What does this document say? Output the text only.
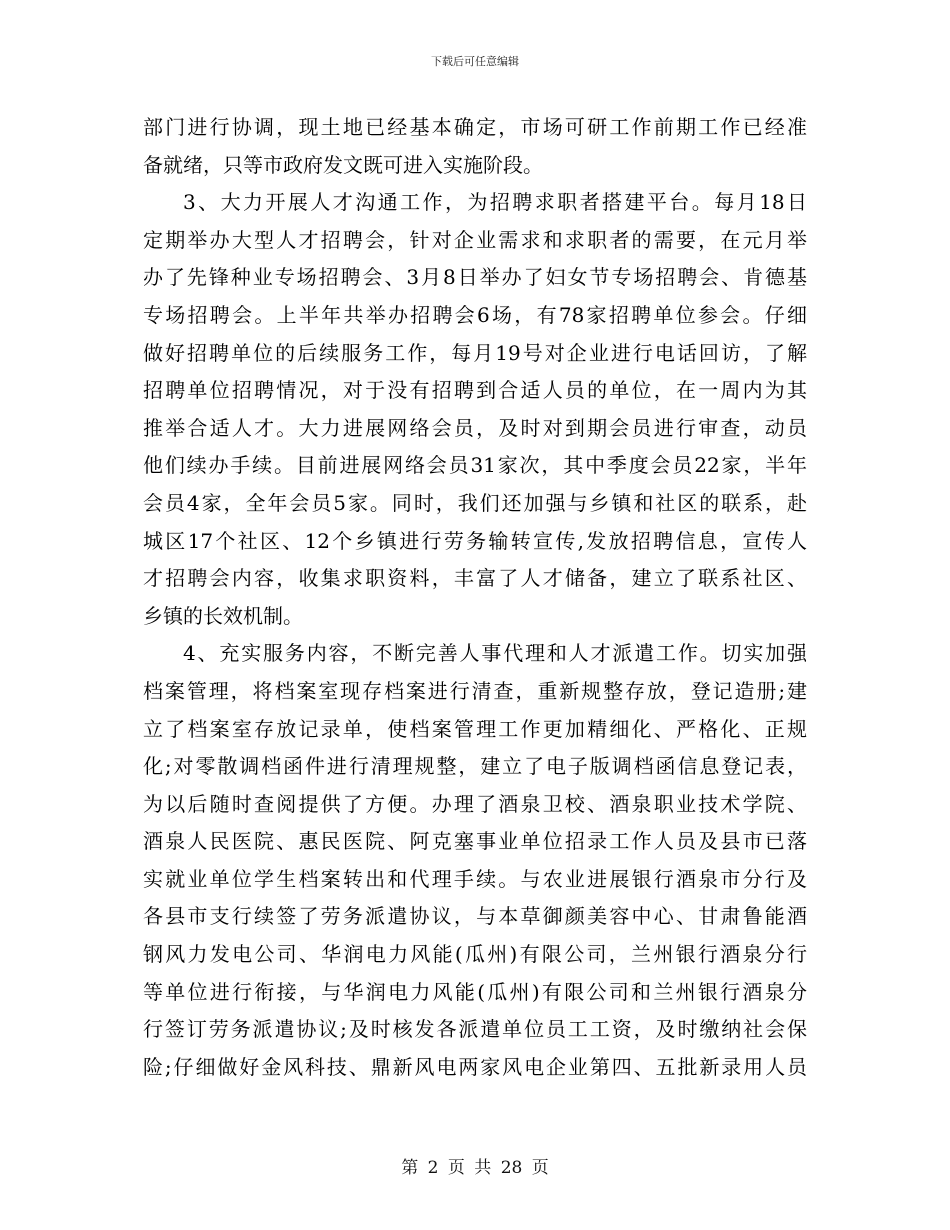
下载后可任意编辑
部门进行协调，现土地已经基本确定，市场可研工作前期工作已经准
备就绪，只等市政府发文既可进入实施阶段。
3、大力开展人才沟通工作，为招聘求职者搭建平台。每月18日
定期举办大型人才招聘会，针对企业需求和求职者的需要，在元月举
办了先锋种业专场招聘会、3月8日举办了妇女节专场招聘会、肯德基
专场招聘会。上半年共举办招聘会6场，有78家招聘单位参会。仔细
做好招聘单位的后续服务工作，每月19号对企业进行电话回访，了解
招聘单位招聘情况，对于没有招聘到合适人员的单位，在一周内为其
推举合适人才。大力进展网络会员，及时对到期会员进行审查，动员
他们续办手续。目前进展网络会员31家次，其中季度会员22家，半年
会员4家，全年会员5家。同时，我们还加强与乡镇和社区的联系，赴
城区17个社区、12个乡镇进行劳务输转宣传,发放招聘信息，宣传人
才招聘会内容，收集求职资料，丰富了人才储备，建立了联系社区、
乡镇的长效机制。
4、充实服务内容，不断完善人事代理和人才派遣工作。切实加强
档案管理，将档案室现存档案进行清查，重新规整存放，登记造册;建
立了档案室存放记录单，使档案管理工作更加精细化、严格化、正规
化;对零散调档函件进行清理规整，建立了电子版调档函信息登记表，
为以后随时查阅提供了方便。办理了酒泉卫校、酒泉职业技术学院、
酒泉人民医院、惠民医院、阿克塞事业单位招录工作人员及县市已落
实就业单位学生档案转出和代理手续。与农业进展银行酒泉市分行及
各县市支行续签了劳务派遣协议，与本草御颜美容中心、甘肃鲁能酒
钢风力发电公司、华润电力风能(瓜州)有限公司，兰州银行酒泉分行
等单位进行衔接，与华润电力风能(瓜州)有限公司和兰州银行酒泉分
行签订劳务派遣协议;及时核发各派遣单位员工工资，及时缴纳社会保
险;仔细做好金风科技、鼎新风电两家风电企业第四、五批新录用人员
第 2 页 共 28 页
